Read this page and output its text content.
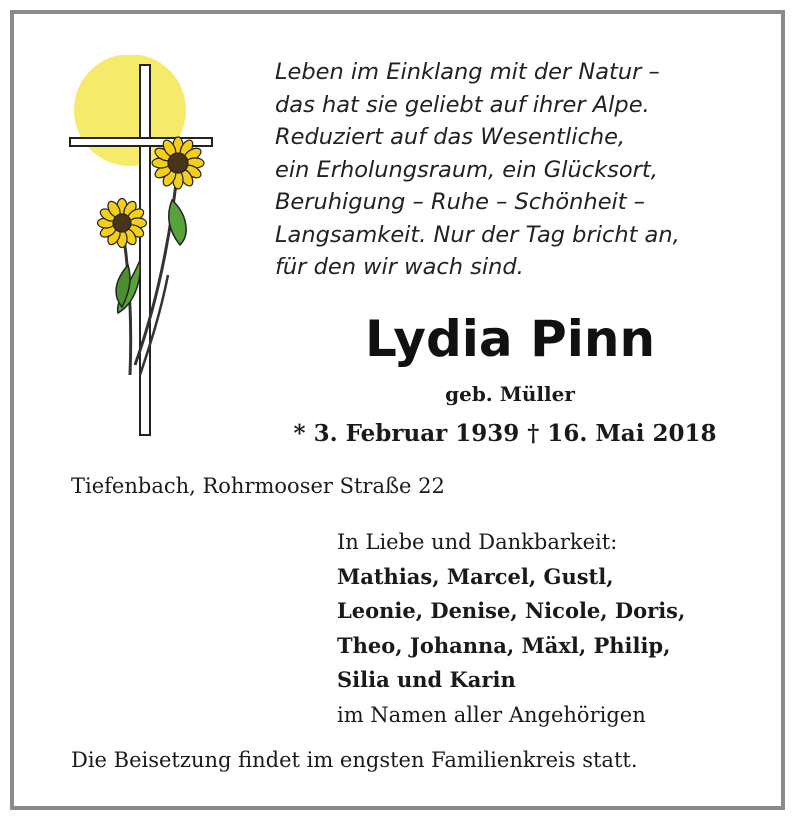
Leben im Einklang mit der Natur –
das hat sie geliebt auf ihrer Alpe.
Reduziert auf das Wesentliche,
ein Erholungsraum, ein Glücksort,
Beruhigung – Ruhe – Schönheit –
Langsamkeit. Nur der Tag bricht an,
für den wir wach sind.
Lydia Pinn
geb. Müller
* 3. Februar 1939 † 16. Mai 2018
Tiefenbach, Rohrmooser Straße 22
In Liebe und Dankbarkeit:
Mathias, Marcel, Gustl,
Leonie, Denise, Nicole, Doris,
Theo, Johanna, Mäxl, Philip,
Silia und Karin
im Namen aller Angehörigen
Die Beisetzung findet im engsten Familienkreis statt.
